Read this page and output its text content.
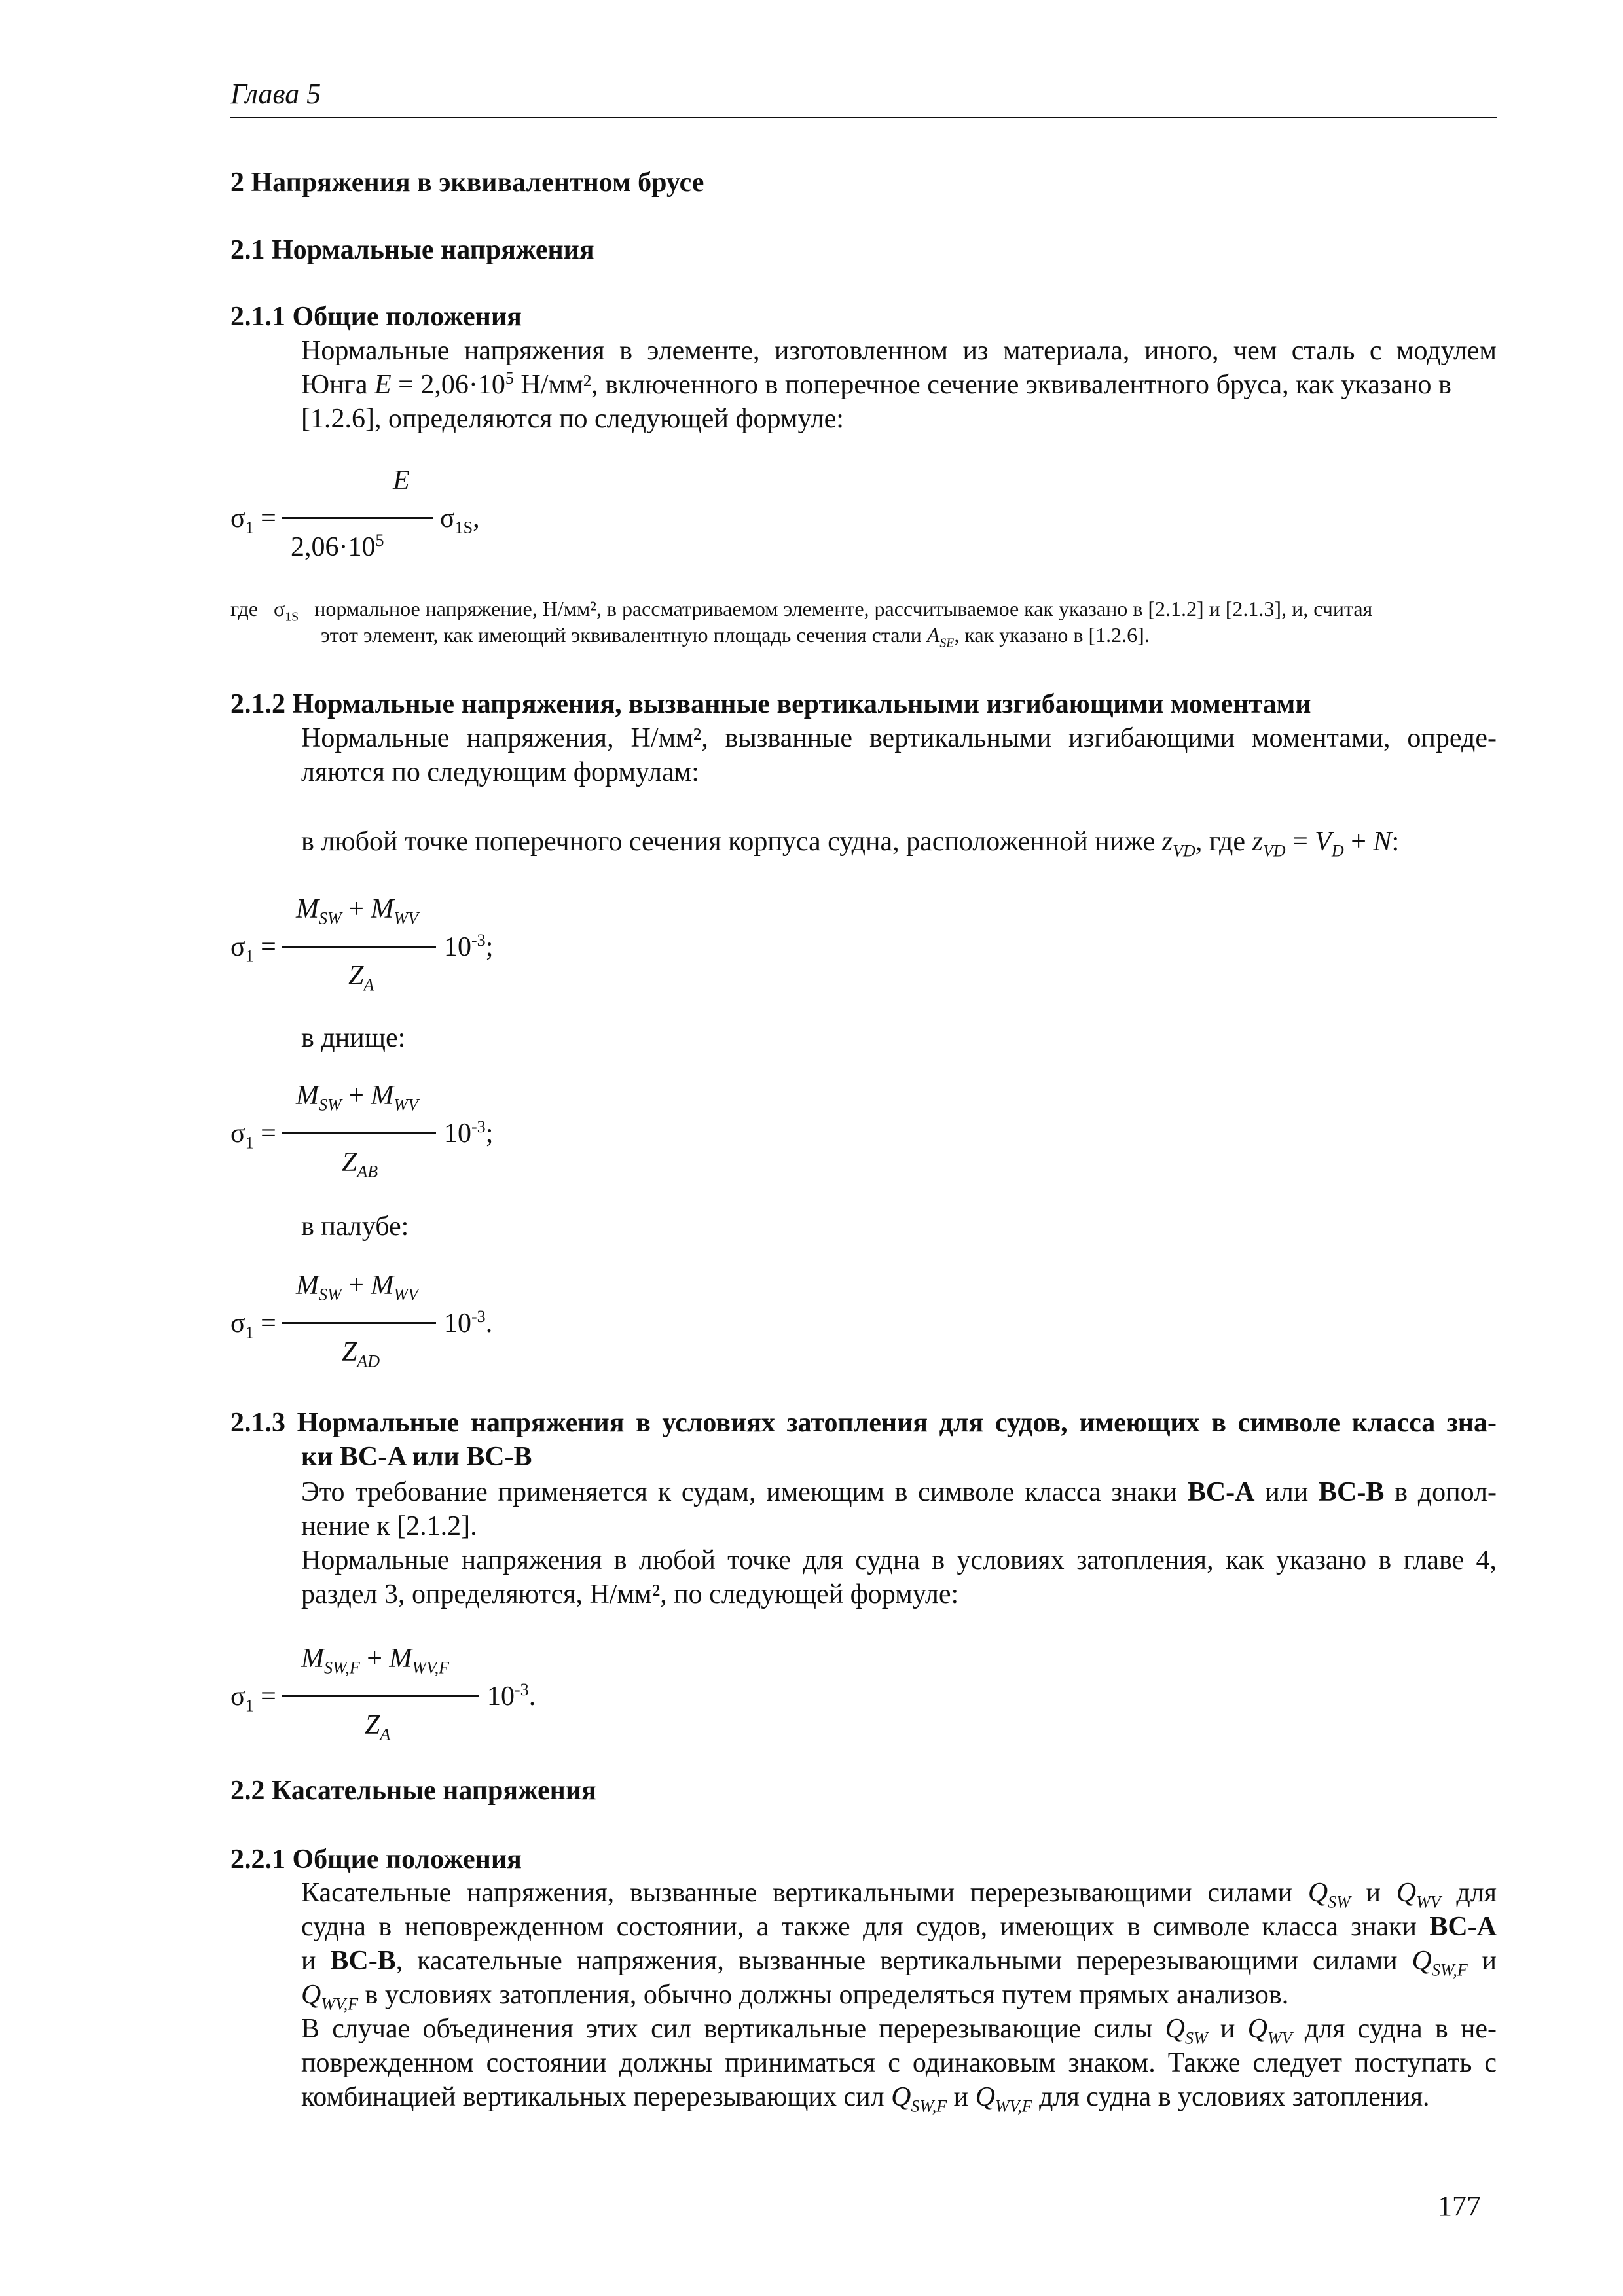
Глава 5
2 Напряжения в эквивалентном брусе
2.1 Нормальные напряжения
2.1.1 Общие положения
Нормальные напряжения в элементе, изготовленном из материала, иного, чем сталь с модулем
Юнга $E = 2,06\cdot 10^5$ Н/мм², включенного в поперечное сечение эквивалентного бруса, как указано в
[1.2.6], определяются по следующей формуле:
$\sigma_1$ =
E
$2,06\cdot 10^5$
$\sigma_{1S}$,
где $\sigma_{1S}$ нормальное напряжение, Н/мм², в рассматриваемом элементе, рассчитываемое как указано в [2.1.2] и [2.1.3], и, считая
этот элемент, как имеющий эквивалентную площадь сечения стали $A_{SE}$, как указано в [1.2.6].
2.1.2 Нормальные напряжения, вызванные вертикальными изгибающими моментами
Нормальные напряжения, Н/мм², вызванные вертикальными изгибающими моментами, опреде-
ляются по следующим формулам:
в любой точке поперечного сечения корпуса судна, расположенной ниже $z_{VD}$, где $z_{VD} = V_D + N$:
$\sigma_1$ =
$M_{SW} + M_{WV}$
$Z_A$
$10^{-3}$;
в днище:
$\sigma_1$ =
$M_{SW} + M_{WV}$
$Z_{AB}$
$10^{-3}$;
в палубе:
$\sigma_1$ =
$M_{SW} + M_{WV}$
$Z_{AD}$
$10^{-3}$.
2.1.3 Нормальные напряжения в условиях затопления для судов, имеющих в символе класса зна-
ки BC-A или BC-B
Это требование применяется к судам, имеющим в символе класса знаки BC-A или BC-B в допол-
нение к [2.1.2].
Нормальные напряжения в любой точке для судна в условиях затопления, как указано в главе 4,
раздел 3, определяются, Н/мм², по следующей формуле:
$\sigma_1$ =
$M_{SW,F} + M_{WV,F}$
$Z_A$
$10^{-3}$.
2.2 Касательные напряжения
2.2.1 Общие положения
Касательные напряжения, вызванные вертикальными перерезывающими силами $Q_{SW}$ и $Q_{WV}$ для
судна в неповрежденном состоянии, а также для судов, имеющих в символе класса знаки BC-A
и BC-B, касательные напряжения, вызванные вертикальными перерезывающими силами $Q_{SW,F}$ и
$Q_{WV,F}$ в условиях затопления, обычно должны определяться путем прямых анализов.
В случае объединения этих сил вертикальные перерезывающие силы $Q_{SW}$ и $Q_{WV}$ для судна в не-
поврежденном состоянии должны приниматься с одинаковым знаком. Также следует поступать с
комбинацией вертикальных перерезывающих сил $Q_{SW,F}$ и $Q_{WV,F}$ для судна в условиях затопления.
177
